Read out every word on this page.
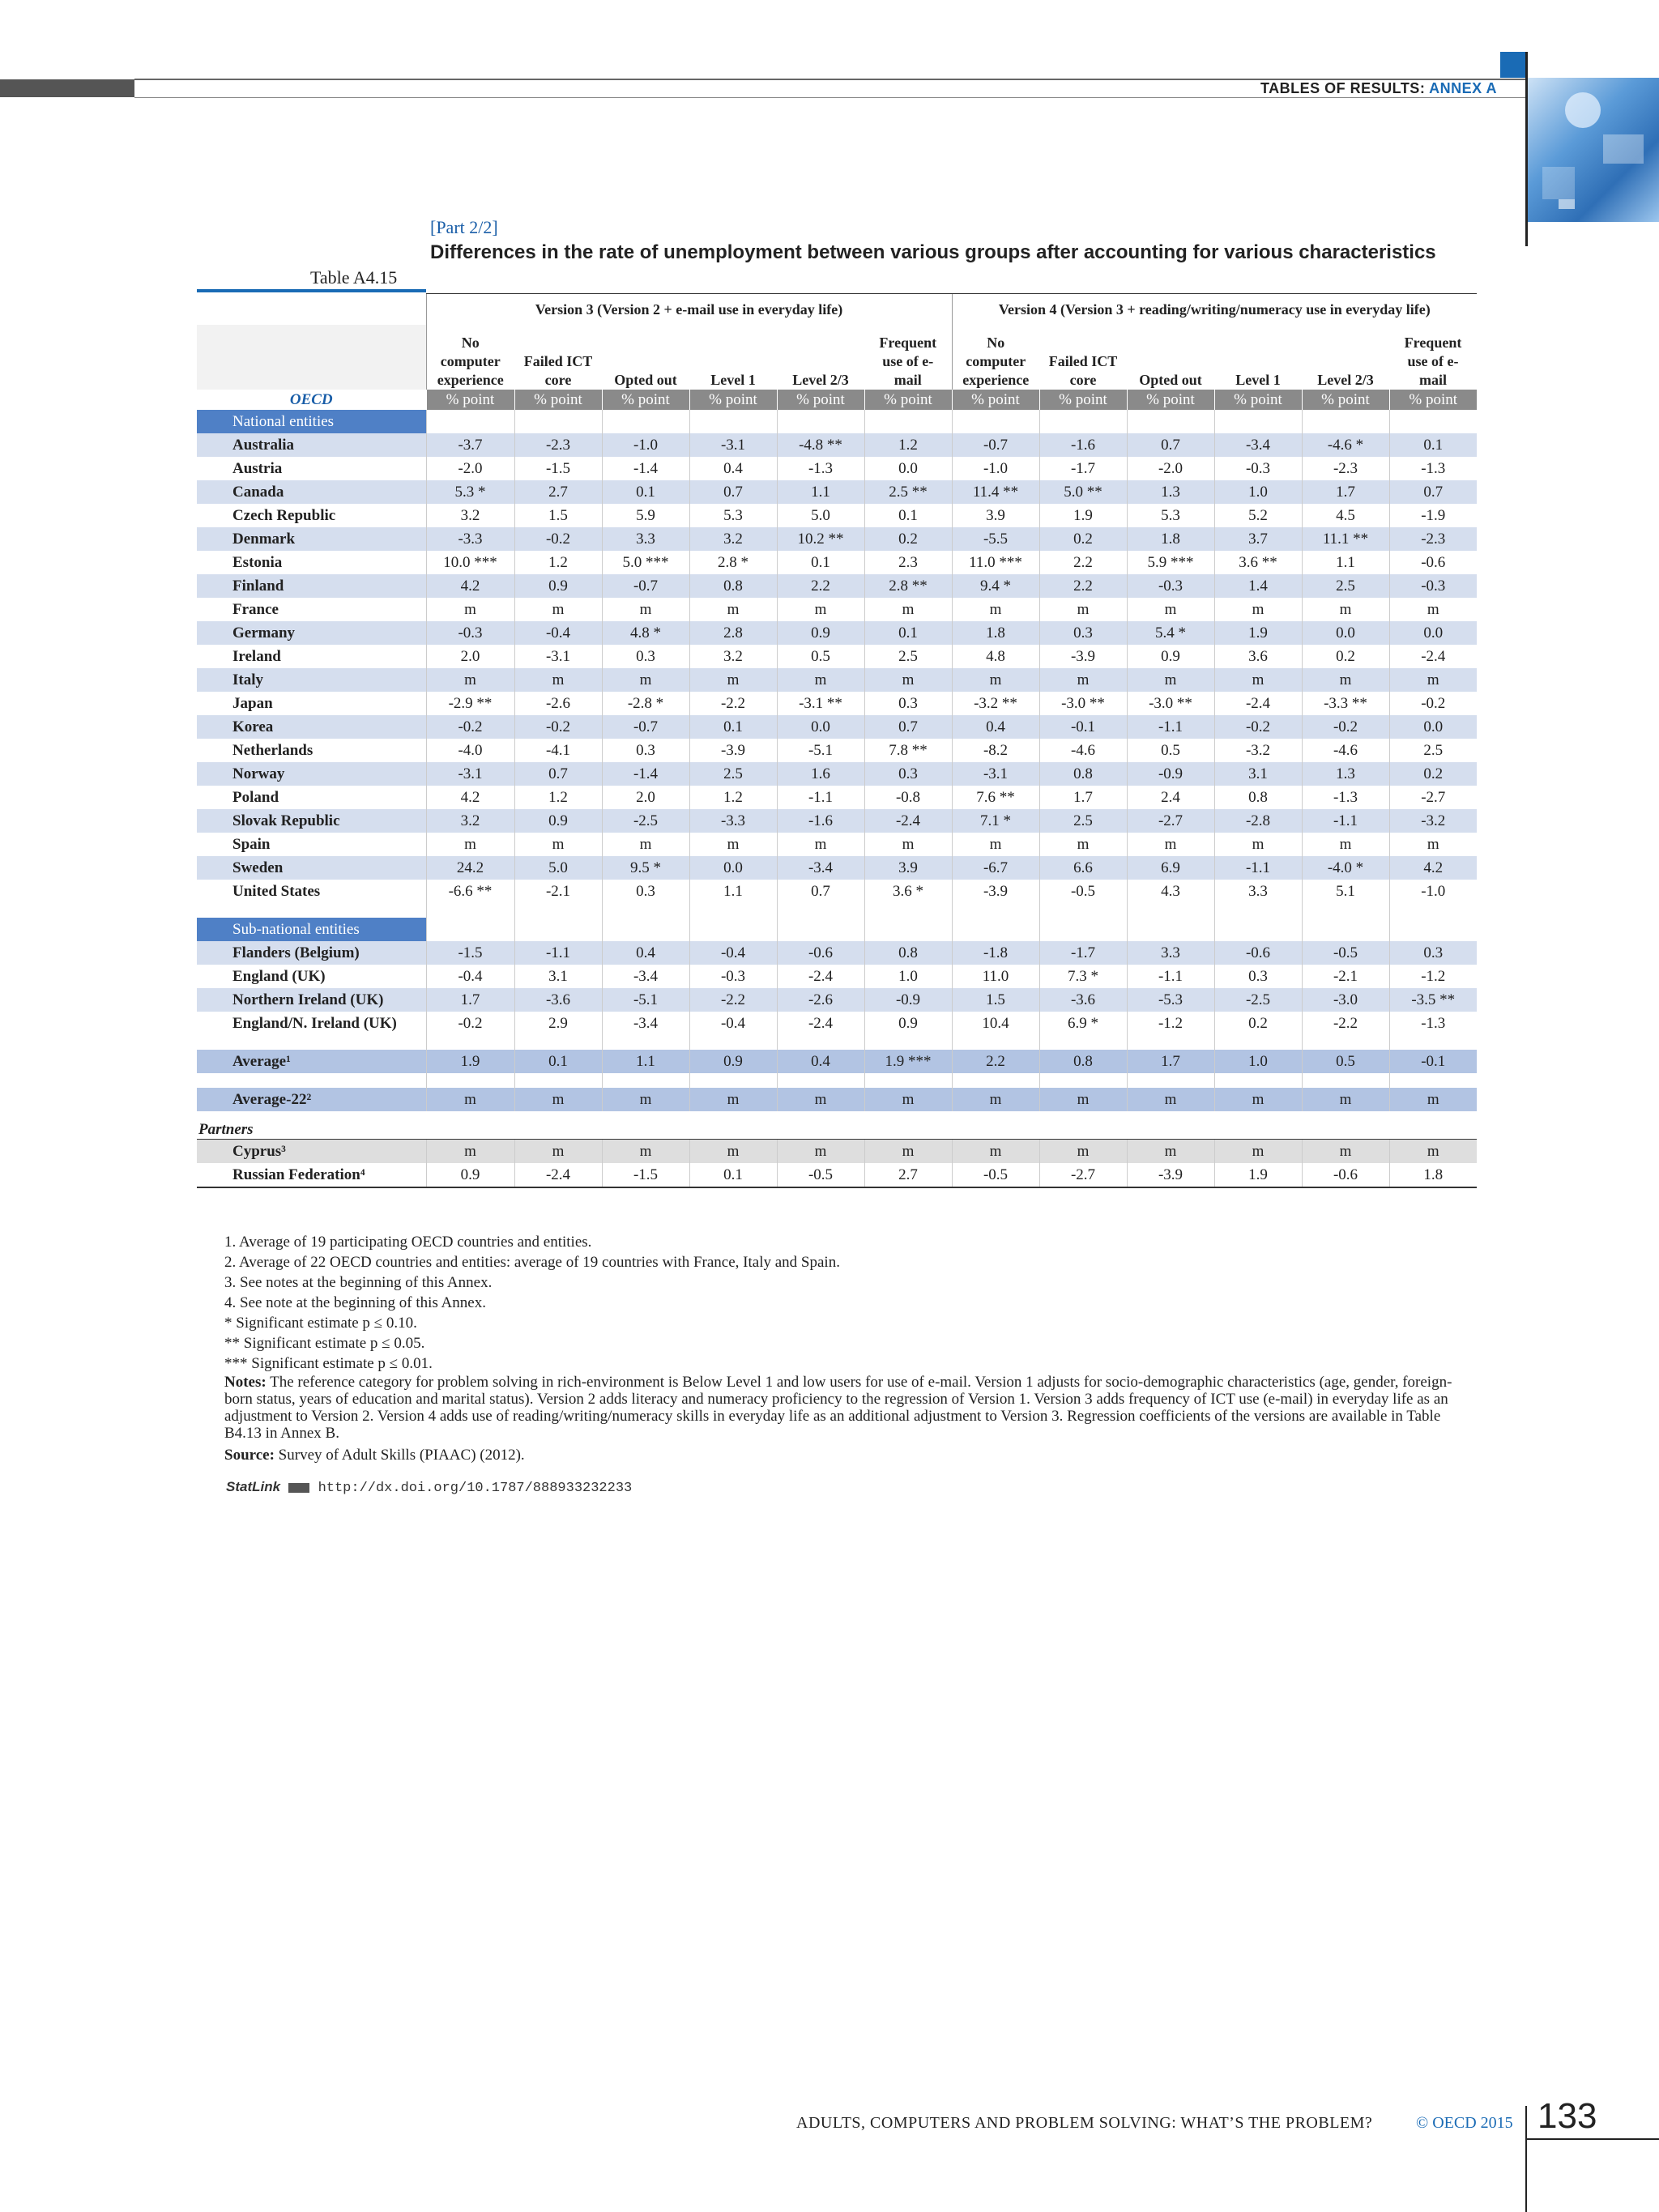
TABLES OF RESULTS: ANNEX A
[Part 2/2]
Differences in the rate of unemployment between various groups after accounting for various characteristics
Table A4.15
	Version 3 (Version 2 + e-mail use in everyday life)						Version 4 (Version 3 + reading/writing/numeracy use in everyday life)					
	No computer experience	Failed ICT core	Opted out	Level 1	Level 2/3	Frequent use of e-mail	No computer experience	Failed ICT core	Opted out	Level 1	Level 2/3	Frequent use of e-mail
OECD	% point	% point	% point	% point	% point	% point	% point	% point	% point	% point	% point	% point
National entities												
Australia	-3.7	-2.3	-1.0	-3.1	-4.8 **	1.2	-0.7	-1.6	0.7	-3.4	-4.6 *	0.1
Austria	-2.0	-1.5	-1.4	0.4	-1.3	0.0	-1.0	-1.7	-2.0	-0.3	-2.3	-1.3
Canada	5.3 *	2.7	0.1	0.7	1.1	2.5 **	11.4 **	5.0 **	1.3	1.0	1.7	0.7
Czech Republic	3.2	1.5	5.9	5.3	5.0	0.1	3.9	1.9	5.3	5.2	4.5	-1.9
Denmark	-3.3	-0.2	3.3	3.2	10.2 **	0.2	-5.5	0.2	1.8	3.7	11.1 **	-2.3
Estonia	10.0 ***	1.2	5.0 ***	2.8 *	0.1	2.3	11.0 ***	2.2	5.9 ***	3.6 **	1.1	-0.6
Finland	4.2	0.9	-0.7	0.8	2.2	2.8 **	9.4 *	2.2	-0.3	1.4	2.5	-0.3
France	m	m	m	m	m	m	m	m	m	m	m	m
Germany	-0.3	-0.4	4.8 *	2.8	0.9	0.1	1.8	0.3	5.4 *	1.9	0.0	0.0
Ireland	2.0	-3.1	0.3	3.2	0.5	2.5	4.8	-3.9	0.9	3.6	0.2	-2.4
Italy	m	m	m	m	m	m	m	m	m	m	m	m
Japan	-2.9 **	-2.6	-2.8 *	-2.2	-3.1 **	0.3	-3.2 **	-3.0 **	-3.0 **	-2.4	-3.3 **	-0.2
Korea	-0.2	-0.2	-0.7	0.1	0.0	0.7	0.4	-0.1	-1.1	-0.2	-0.2	0.0
Netherlands	-4.0	-4.1	0.3	-3.9	-5.1	7.8 **	-8.2	-4.6	0.5	-3.2	-4.6	2.5
Norway	-3.1	0.7	-1.4	2.5	1.6	0.3	-3.1	0.8	-0.9	3.1	1.3	0.2
Poland	4.2	1.2	2.0	1.2	-1.1	-0.8	7.6 **	1.7	2.4	0.8	-1.3	-2.7
Slovak Republic	3.2	0.9	-2.5	-3.3	-1.6	-2.4	7.1 *	2.5	-2.7	-2.8	-1.1	-3.2
Spain	m	m	m	m	m	m	m	m	m	m	m	m
Sweden	24.2	5.0	9.5 *	0.0	-3.4	3.9	-6.7	6.6	6.9	-1.1	-4.0 *	4.2
United States	-6.6 **	-2.1	0.3	1.1	0.7	3.6 *	-3.9	-0.5	4.3	3.3	5.1	-1.0

Sub-national entities												
Flanders (Belgium)	-1.5	-1.1	0.4	-0.4	-0.6	0.8	-1.8	-1.7	3.3	-0.6	-0.5	0.3
England (UK)	-0.4	3.1	-3.4	-0.3	-2.4	1.0	11.0	7.3 *	-1.1	0.3	-2.1	-1.2
Northern Ireland (UK)	1.7	-3.6	-5.1	-2.2	-2.6	-0.9	1.5	-3.6	-5.3	-2.5	-3.0	-3.5 **
England/N. Ireland (UK)	-0.2	2.9	-3.4	-0.4	-2.4	0.9	10.4	6.9 *	-1.2	0.2	-2.2	-1.3

Average¹	1.9	0.1	1.1	0.9	0.4	1.9 ***	2.2	0.8	1.7	1.0	0.5	-0.1

Average-22²	m	m	m	m	m	m	m	m	m	m	m	m
Partners												
Cyprus³	m	m	m	m	m	m	m	m	m	m	m	m
Russian Federation⁴	0.9	-2.4	-1.5	0.1	-0.5	2.7	-0.5	-2.7	-3.9	1.9	-0.6	1.8

1. Average of 19 participating OECD countries and entities.

2. Average of 22 OECD countries and entities: average of 19 countries with France, Italy and Spain.

3. See notes at the beginning of this Annex.

4. See note at the beginning of this Annex.

* Significant estimate p ≤ 0.10.

** Significant estimate p ≤ 0.05.

*** Significant estimate p ≤ 0.01.

Notes: The reference category for problem solving in rich-environment is Below Level 1 and low users for use of e-mail. Version 1 adjusts for socio-demographic characteristics (age, gender, foreign-born status, years of education and marital status). Version 2 adds literacy and numeracy proficiency to the regression of Version 1. Version 3 adds frequency of ICT use (e-mail) in everyday life as an adjustment to Version 2. Version 4 adds use of reading/writing/numeracy skills in everyday life as an additional adjustment to Version 3. Regression coefficients of the versions are available in Table B4.13 in Annex B.

Source: Survey of Adult Skills (PIAAC) (2012).

StatLink	http://dx.doi.org/10.1787/888933232233
ADULTS, COMPUTERS AND PROBLEM SOLVING: WHAT’S THE PROBLEM?	© OECD 2015 133
